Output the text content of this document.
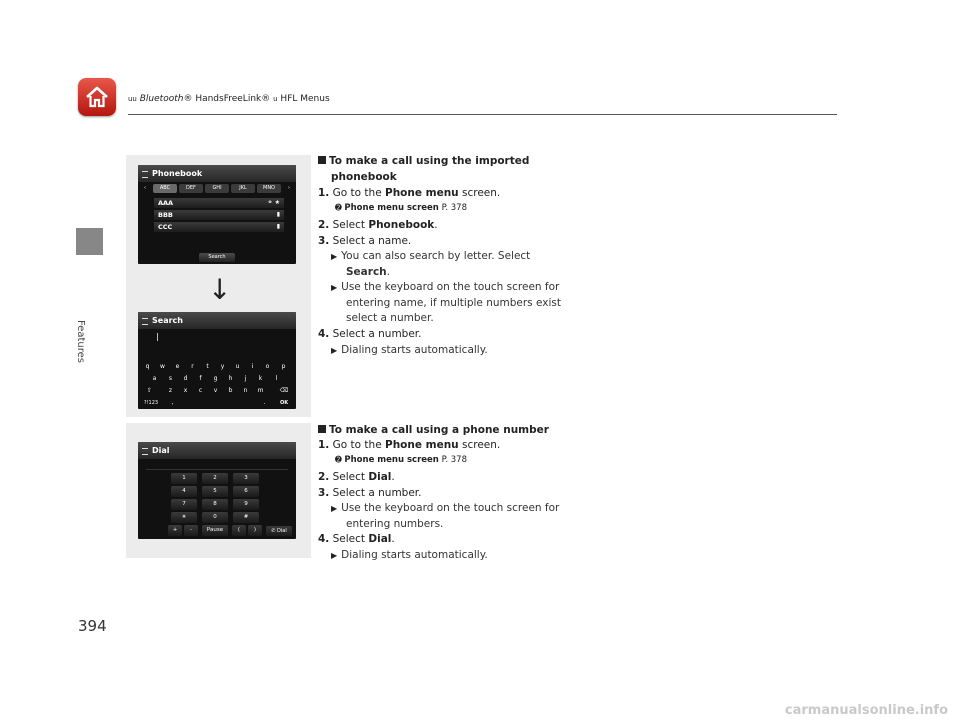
uu Bluetooth® HandsFreeLink® u HFL Menus
Features
Phonebook
‹	ABC	DEF	GHI	JKL	MNO	›
AAA	⚭ ★
BBB	▮
CCC	▮
Search
↓
Search
q	w	e	r	t	y	u	i	o	p
a	s	d	f	g	h	j	k	l
⇧	z	x	c	v	b	n	m	⌫
?!123	,	.	OK
Dial
1	2	3
4	5	6
7	8	9
∗	0	#
+	-	Pause	(	)	✆ Dial
To make a call using the imported
phonebook
1. Go to the Phone menu screen.
➋ Phone menu screen P. 378
2. Select Phonebook.
3. Select a name.
▶ You can also search by letter. Select
Search.
▶ Use the keyboard on the touch screen for
entering name, if multiple numbers exist
select a number.
4. Select a number.
▶ Dialing starts automatically.
To make a call using a phone number
1. Go to the Phone menu screen.
➋ Phone menu screen P. 378
2. Select Dial.
3. Select a number.
▶ Use the keyboard on the touch screen for
entering numbers.
4. Select Dial.
▶ Dialing starts automatically.
394
carmanualsonline.info
